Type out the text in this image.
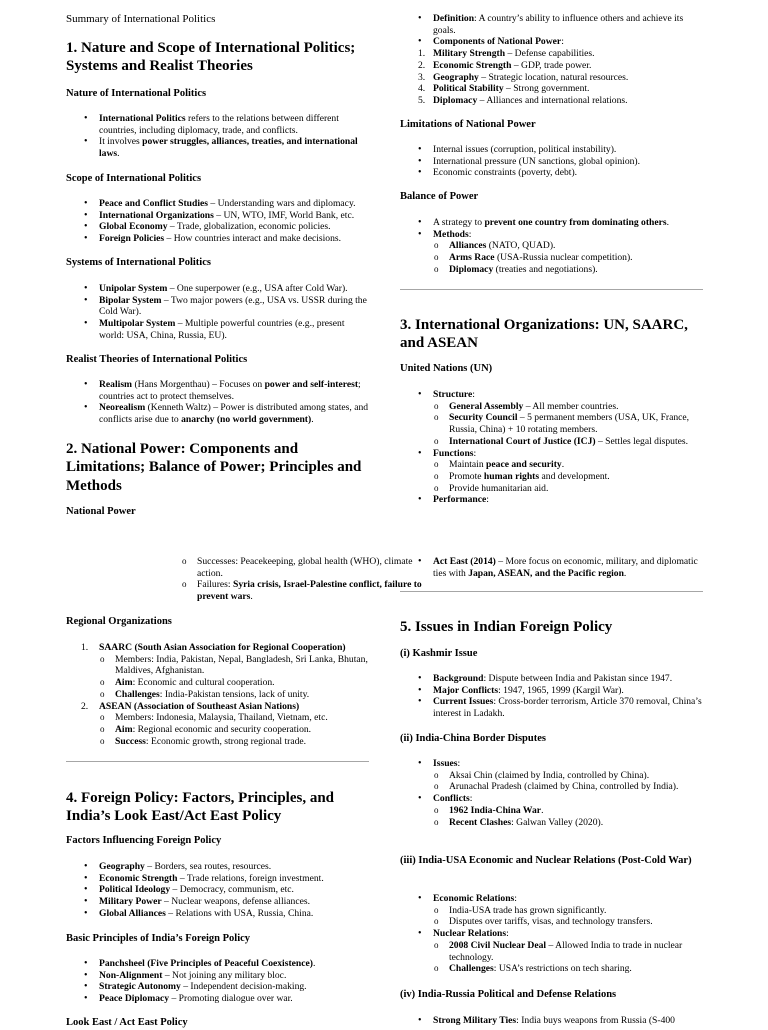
Summary of International Politics
1. Nature and Scope of International Politics; Systems and Realist Theories
Nature of International Politics
• International Politics refers to the relations between different countries, including diplomacy, trade, and conflicts.
• It involves power struggles, alliances, treaties, and international laws.
Scope of International Politics
• Peace and Conflict Studies – Understanding wars and diplomacy.
• International Organizations – UN, WTO, IMF, World Bank, etc.
• Global Economy – Trade, globalization, economic policies.
• Foreign Policies – How countries interact and make decisions.
Systems of International Politics
• Unipolar System – One superpower (e.g., USA after Cold War).
• Bipolar System – Two major powers (e.g., USA vs. USSR during the Cold War).
• Multipolar System – Multiple powerful countries (e.g., present world: USA, China, Russia, EU).
Realist Theories of International Politics
• Realism (Hans Morgenthau) – Focuses on power and self-interest; countries act to protect themselves.
• Neorealism (Kenneth Waltz) – Power is distributed among states, and conflicts arise due to anarchy (no world government).
2. National Power: Components and Limitations; Balance of Power; Principles and Methods
National Power
o Successes: Peacekeeping, global health (WHO), climate action.
o Failures: Syria crisis, Israel-Palestine conflict, failure to prevent wars.
Regional Organizations
1. SAARC (South Asian Association for Regional Cooperation)
o Members: India, Pakistan, Nepal, Bangladesh, Sri Lanka, Bhutan, Maldives, Afghanistan.
o Aim: Economic and cultural cooperation.
o Challenges: India-Pakistan tensions, lack of unity.
2. ASEAN (Association of Southeast Asian Nations)
o Members: Indonesia, Malaysia, Thailand, Vietnam, etc.
o Aim: Regional economic and security cooperation.
o Success: Economic growth, strong regional trade.
4. Foreign Policy: Factors, Principles, and India’s Look East/Act East Policy
Factors Influencing Foreign Policy
• Geography – Borders, sea routes, resources.
• Economic Strength – Trade relations, foreign investment.
• Political Ideology – Democracy, communism, etc.
• Military Power – Nuclear weapons, defense alliances.
• Global Alliances – Relations with USA, Russia, China.
Basic Principles of India’s Foreign Policy
• Panchsheel (Five Principles of Peaceful Coexistence).
• Non-Alignment – Not joining any military bloc.
• Strategic Autonomy – Independent decision-making.
• Peace Diplomacy – Promoting dialogue over war.
Look East / Act East Policy
• Definition: A country’s ability to influence others and achieve its goals.
• Components of National Power:
1. Military Strength – Defense capabilities.
2. Economic Strength – GDP, trade power.
3. Geography – Strategic location, natural resources.
4. Political Stability – Strong government.
5. Diplomacy – Alliances and international relations.
Limitations of National Power
• Internal issues (corruption, political instability).
• International pressure (UN sanctions, global opinion).
• Economic constraints (poverty, debt).
Balance of Power
• A strategy to prevent one country from dominating others.
• Methods:
o Alliances (NATO, QUAD).
o Arms Race (USA-Russia nuclear competition).
o Diplomacy (treaties and negotiations).
3. International Organizations: UN, SAARC, and ASEAN
United Nations (UN)
• Structure:
o General Assembly – All member countries.
o Security Council – 5 permanent members (USA, UK, France, Russia, China) + 10 rotating members.
o International Court of Justice (ICJ) – Settles legal disputes.
• Functions:
o Maintain peace and security.
o Promote human rights and development.
o Provide humanitarian aid.
• Performance:
• Act East (2014) – More focus on economic, military, and diplomatic ties with Japan, ASEAN, and the Pacific region.
5. Issues in Indian Foreign Policy
(i) Kashmir Issue
• Background: Dispute between India and Pakistan since 1947.
• Major Conflicts: 1947, 1965, 1999 (Kargil War).
• Current Issues: Cross-border terrorism, Article 370 removal, China’s interest in Ladakh.
(ii) India-China Border Disputes
• Issues:
o Aksai Chin (claimed by India, controlled by China).
o Arunachal Pradesh (claimed by China, controlled by India).
• Conflicts:
o 1962 India-China War.
o Recent Clashes: Galwan Valley (2020).
(iii) India-USA Economic and Nuclear Relations (Post-Cold War)
• Economic Relations:
o India-USA trade has grown significantly.
o Disputes over tariffs, visas, and technology transfers.
• Nuclear Relations:
o 2008 Civil Nuclear Deal – Allowed India to trade in nuclear technology.
o Challenges: USA’s restrictions on tech sharing.
(iv) India-Russia Political and Defense Relations
• Strong Military Ties: India buys weapons from Russia (S-400
